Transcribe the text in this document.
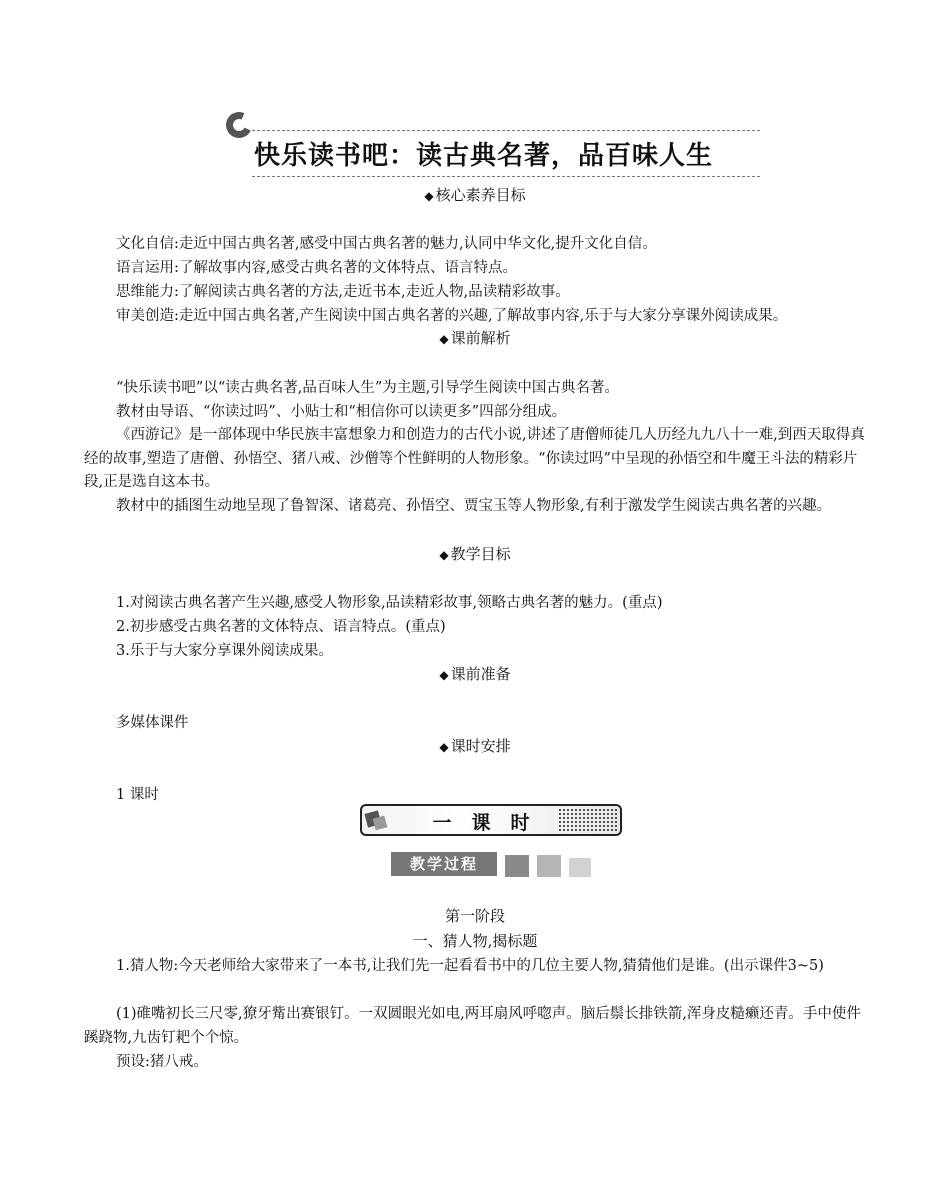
快乐读书吧：读古典名著，品百味人生
◆ 核心素养目标
文化自信:走近中国古典名著,感受中国古典名著的魅力,认同中华文化,提升文化自信。
语言运用:了解故事内容,感受古典名著的文体特点、语言特点。
思维能力:了解阅读古典名著的方法,走近书本,走近人物,品读精彩故事。
审美创造:走近中国古典名著,产生阅读中国古典名著的兴趣,了解故事内容,乐于与大家分享课外阅读成果。
◆ 课前解析
“快乐读书吧”以“读古典名著,品百味人生”为主题,引导学生阅读中国古典名著。
教材由导语、“你读过吗”、小贴士和“相信你可以读更多”四部分组成。
《西游记》是一部体现中华民族丰富想象力和创造力的古代小说,讲述了唐僧师徒几人历经九九八十一难,到西天取得真经的故事,塑造了唐僧、孙悟空、猪八戒、沙僧等个性鲜明的人物形象。“你读过吗”中呈现的孙悟空和牛魔王斗法的精彩片段,正是选自这本书。
教材中的插图生动地呈现了鲁智深、诸葛亮、孙悟空、贾宝玉等人物形象,有利于激发学生阅读古典名著的兴趣。
◆ 教学目标
1.对阅读古典名著产生兴趣,感受人物形象,品读精彩故事,领略古典名著的魅力。(重点)
2.初步感受古典名著的文体特点、语言特点。(重点)
3.乐于与大家分享课外阅读成果。
◆ 课前准备
多媒体课件
◆ 课时安排
1 课时
一课时
教学过程
第一阶段
一、猜人物,揭标题
1.猜人物:今天老师给大家带来了一本书,让我们先一起看看书中的几位主要人物,猜猜他们是谁。(出示课件3~5)
(1)碓嘴初长三尺零,獠牙觜出赛银钉。一双圆眼光如电,两耳扇风呼唿声。脑后鬃长排铁箭,浑身皮糙癞还青。手中使件蹊跷物,九齿钉耙个个惊。
预设:猪八戒。
